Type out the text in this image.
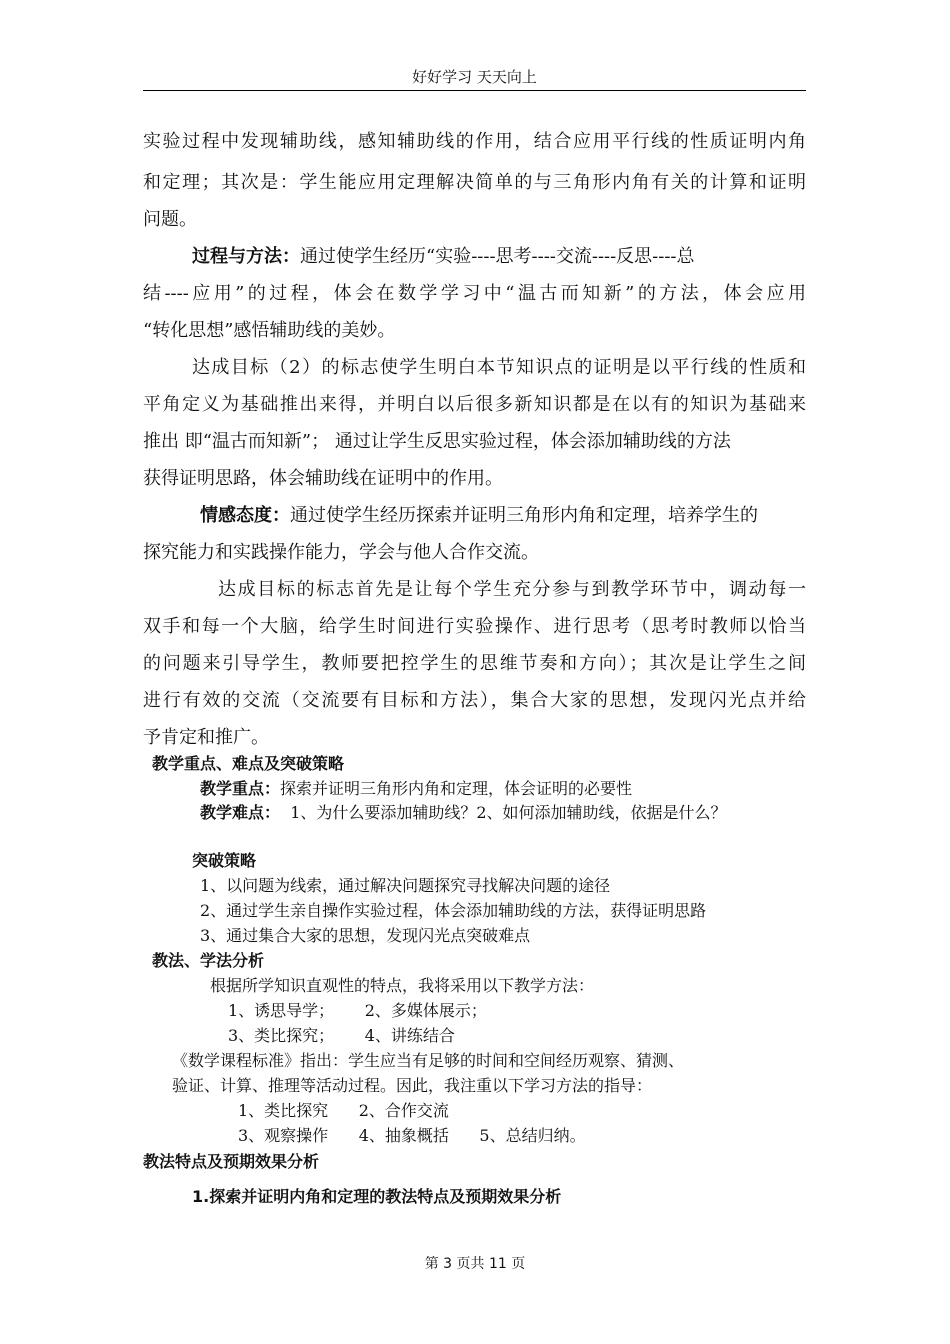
好好学习 天天向上
实验过程中发现辅助线，感知辅助线的作用，结合应用平行线的性质证明内角
和定理；其次是：学生能应用定理解决简单的与三角形内角有关的计算和证明
问题。
过程与方法：通过使学生经历“实验----思考----交流----反思----总
结----应用”的过程，体会在数学学习中“温古而知新”的方法，体会应用
“转化思想”感悟辅助线的美妙。
达成目标（2）的标志使学生明白本节知识点的证明是以平行线的性质和
平角定义为基础推出来得，并明白以后很多新知识都是在以有的知识为基础来
推出 即“温古而知新”； 通过让学生反思实验过程，体会添加辅助线的方法
获得证明思路，体会辅助线在证明中的作用。
情感态度：通过使学生经历探索并证明三角形内角和定理，培养学生的
探究能力和实践操作能力，学会与他人合作交流。
达成目标的标志首先是让每个学生充分参与到教学环节中，调动每一
双手和每一个大脑，给学生时间进行实验操作、进行思考（思考时教师以恰当
的问题来引导学生，教师要把控学生的思维节奏和方向）；其次是让学生之间
进行有效的交流（交流要有目标和方法），集合大家的思想，发现闪光点并给
予肯定和推广。
教学重点、难点及突破策略
教学重点：探索并证明三角形内角和定理，体会证明的必要性
教学难点：  1、为什么要添加辅助线？2、如何添加辅助线，依据是什么？
突破策略
1、以问题为线索，通过解决问题探究寻找解决问题的途径
2、通过学生亲自操作实验过程，体会添加辅助线的方法，获得证明思路
3、通过集合大家的思想，发现闪光点突破难点
教法、学法分析
根据所学知识直观性的特点，我将采用以下教学方法：
1、诱思导学；      2、多媒体展示；
3、类比探究；      4、讲练结合
《数学课程标准》指出：学生应当有足够的时间和空间经历观察、猜测、
验证、计算、推理等活动过程。因此，我注重以下学习方法的指导：
1、类比探究      2、合作交流
3、观察操作      4、抽象概括      5、总结归纳。
教法特点及预期效果分析
1.探索并证明内角和定理的教法特点及预期效果分析
第 3 页共 11 页
